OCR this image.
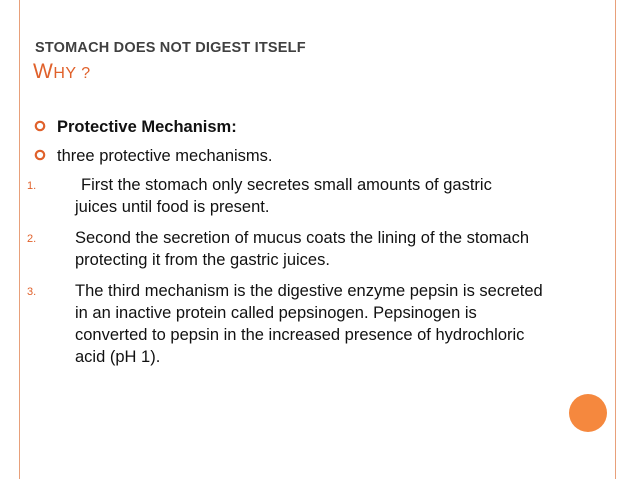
STOMACH DOES NOT DIGEST ITSELF
WHY ?
Protective Mechanism:
three protective mechanisms.
1.	First the stomach only secretes small amounts of gastric
juices until food is present.
2. Second the secretion of mucus coats the lining of the stomach protecting it from the gastric juices.
3. The third mechanism is the digestive enzyme pepsin is secreted in an inactive protein called pepsinogen. Pepsinogen is converted to pepsin in the increased presence of hydrochloric acid (pH 1).
